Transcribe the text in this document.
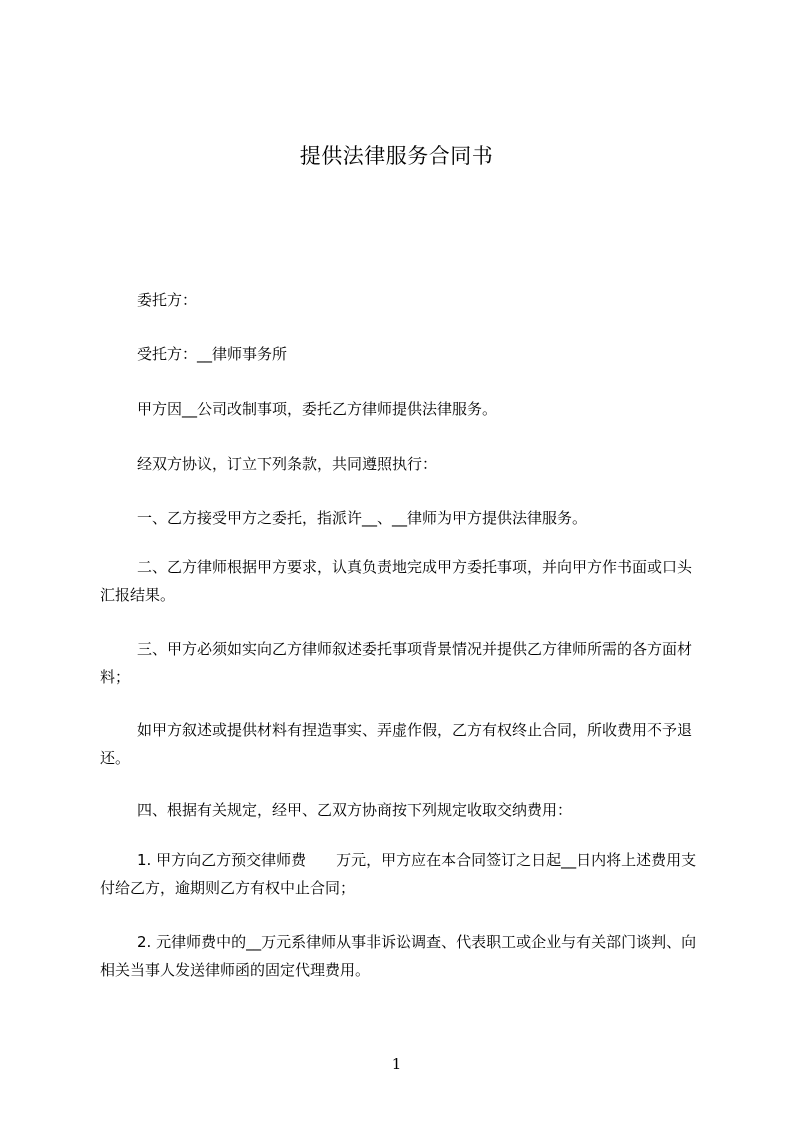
提供法律服务合同书

委托方：

受托方：__律师事务所

甲方因__公司改制事项，委托乙方律师提供法律服务。

经双方协议，订立下列条款，共同遵照执行：

一、乙方接受甲方之委托，指派许__、__律师为甲方提供法律服务。

二、乙方律师根据甲方要求，认真负责地完成甲方委托事项，并向甲方作书面或口头汇报结果。

三、甲方必须如实向乙方律师叙述委托事项背景情况并提供乙方律师所需的各方面材料；

如甲方叙述或提供材料有捏造事实、弄虚作假，乙方有权终止合同，所收费用不予退还。

四、根据有关规定，经甲、乙双方协商按下列规定收取交纳费用：

1. 甲方向乙方预交律师费　　万元，甲方应在本合同签订之日起__日内将上述费用支付给乙方，逾期则乙方有权中止合同；

2. 元律师费中的__万元系律师从事非诉讼调查、代表职工或企业与有关部门谈判、向相关当事人发送律师函的固定代理费用。

1
